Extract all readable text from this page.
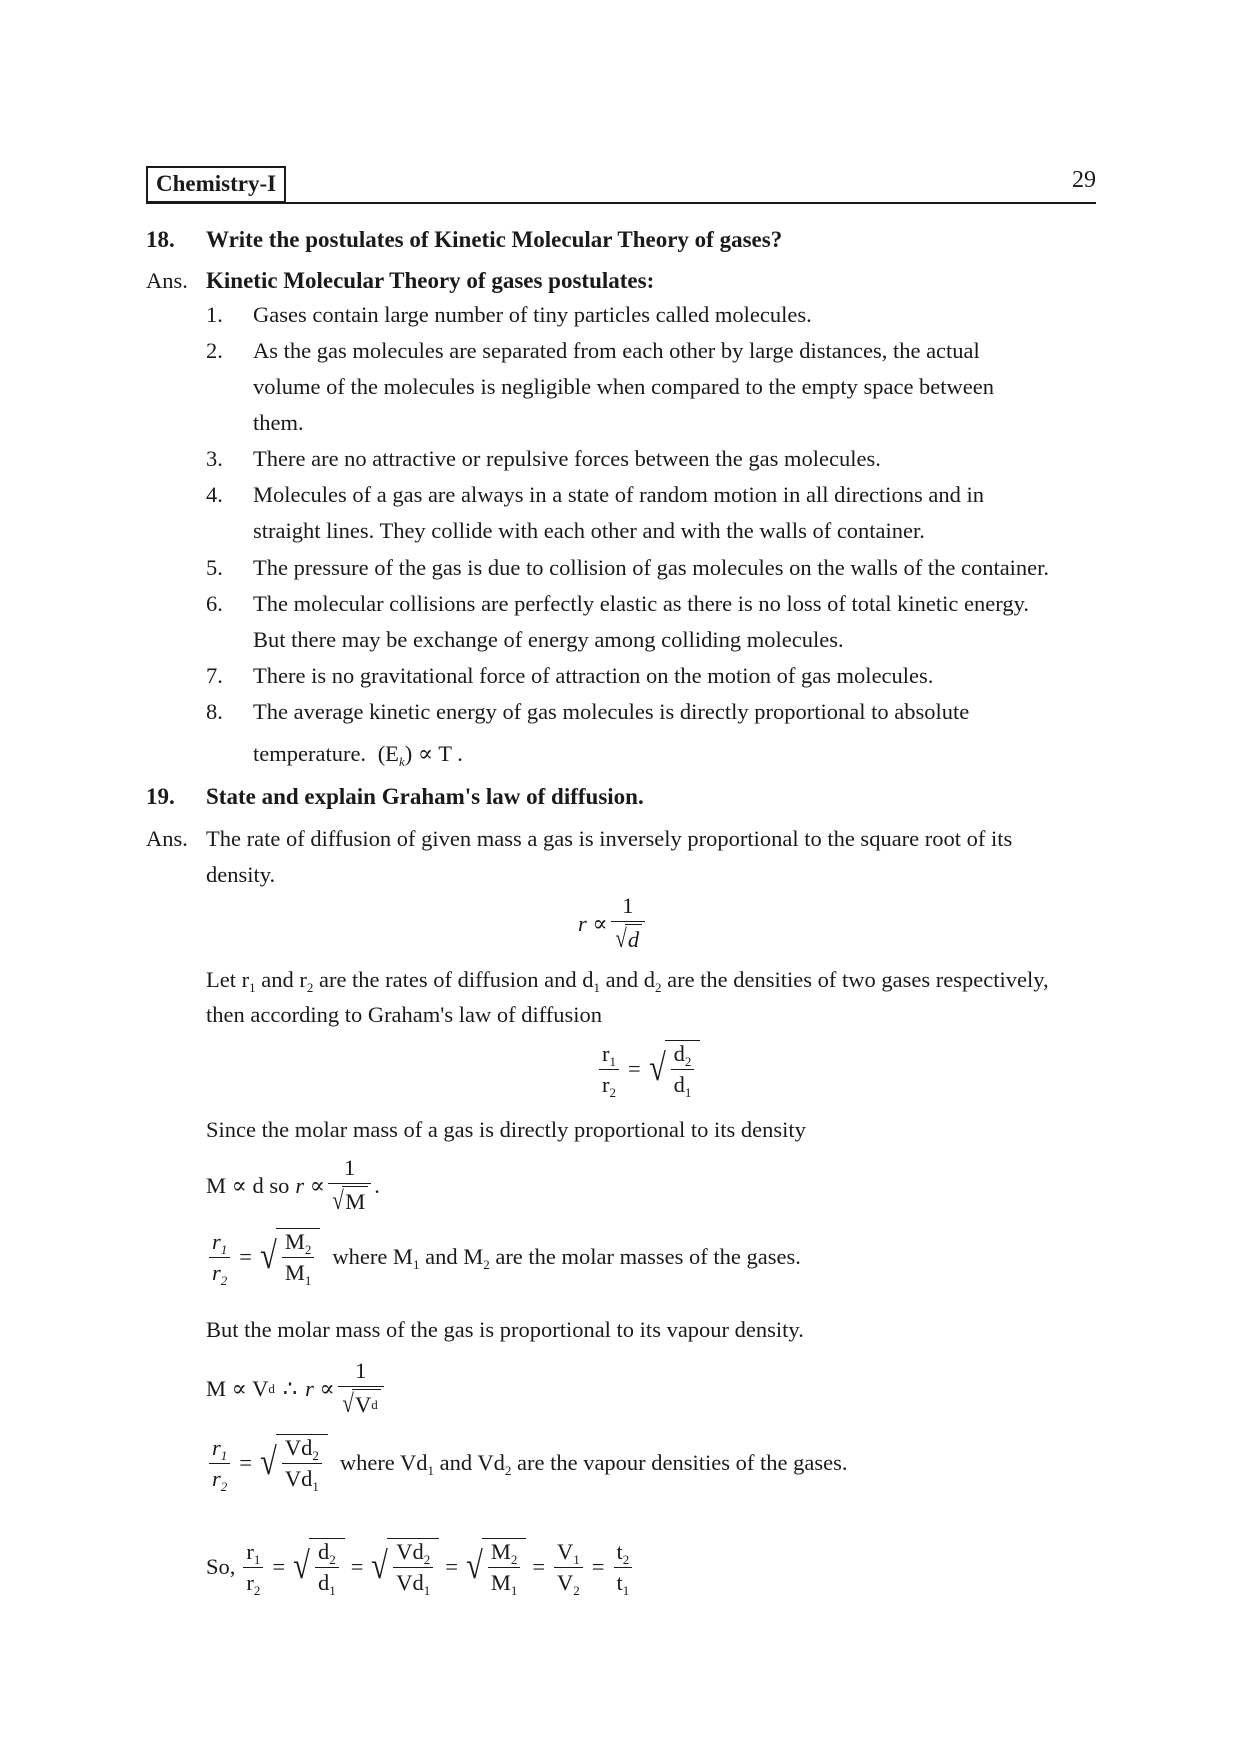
Chemistry-I	29
18. Write the postulates of Kinetic Molecular Theory of gases?
Ans. Kinetic Molecular Theory of gases postulates:
1. Gases contain large number of tiny particles called molecules.
2. As the gas molecules are separated from each other by large distances, the actual
volume of the molecules is negligible when compared to the empty space between
them.
3. There are no attractive or repulsive forces between the gas molecules.
4. Molecules of a gas are always in a state of random motion in all directions and in
straight lines. They collide with each other and with the walls of container.
5. The pressure of the gas is due to collision of gas molecules on the walls of the container.
6. The molecular collisions are perfectly elastic as there is no loss of total kinetic energy.
But there may be exchange of energy among colliding molecules.
7. There is no gravitational force of attraction on the motion of gas molecules.
8. The average kinetic energy of gas molecules is directly proportional to absolute
temperature. $(E_k) \propto T$ .
19. State and explain Graham's law of diffusion.
Ans. The rate of diffusion of given mass a gas is inversely proportional to the square root of its
density.
$r \propto \frac{1}{√ d}$
Let $r_1$ and $r_2$ are the rates of diffusion and $d_1$ and $d_2$ are the densities of two gases respectively,
then according to Graham's law of diffusion
$\frac{r_1}{r_2}$ = √ $\frac{d_2}{d_1}$
Since the molar mass of a gas is directly proportional to its density
M ∝ d so $r \propto \frac{1}{√ M}$ .
$\frac{r_1}{r_2}$ = √ $\frac{M_2}{M_1}$ where $M_1$ and $M_2$ are the molar masses of the gases.
But the molar mass of the gas is proportional to its vapour density.
M ∝ V d ∴ $r \propto \frac{1}{\text{√ V d}}$
$\frac{r_1}{r_2}$ = √ $\frac{Vd_2}{Vd_1}$ where $Vd_1$ and $Vd_2$ are the vapour densities of the gases.
So, $\frac{r_1}{r_2}$ = √ $\frac{d_2}{d_1}$ = √ $\frac{Vd_2}{Vd_1}$ = √ $\frac{M_2}{M_1} = \frac{V_1}{V_2} = \frac{t_2}{t_1}$
